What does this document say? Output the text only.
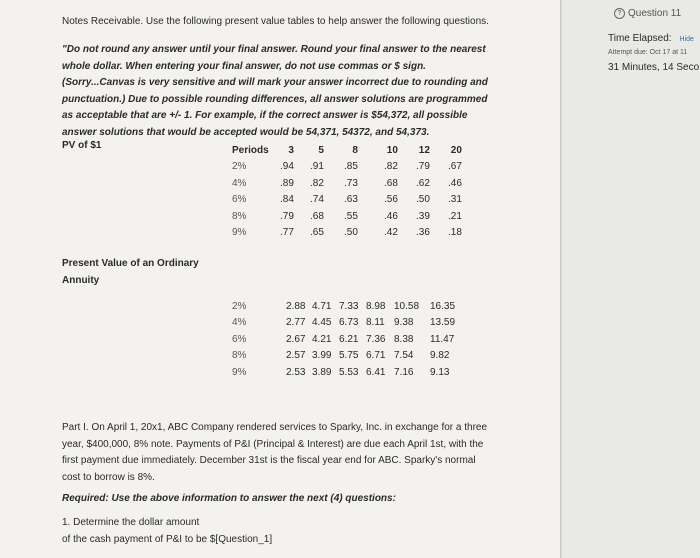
Notes Receivable. Use the following present value tables to help answer the following questions.
"Do not round any answer until your final answer. Round your final answer to the nearest
whole dollar. When entering your final answer, do not use commas or $ sign.
(Sorry...Canvas is very sensitive and will mark your answer incorrect due to rounding and
punctuation.) Due to possible rounding differences, all answer solutions are programmed
as acceptable that are +/- 1. For example, if the correct answer is $54,372, all possible
answer solutions that would be accepted would be 54,371, 54372, and 54,373.
PV of $1	Periods	3	5	8	10	12	20
2%	.94	.91	.85	.82	.79	.67
4%	.89	.82	.73	.68	.62	.46
6%	.84	.74	.63	.56	.50	.31
8%	.79	.68	.55	.46	.39	.21
9%	.77	.65	.50	.42	.36	.18
Present Value of an Ordinary
Annuity
2%	2.88	4.71	7.33	8.98	10.58	16.35
4%	2.77	4.45	6.73	8.11	9.38	13.59
6%	2.67	4.21	6.21	7.36	8.38	11.47
8%	2.57	3.99	5.75	6.71	7.54	9.82
9%	2.53	3.89	5.53	6.41	7.16	9.13
Part I. On April 1, 20x1, ABC Company rendered services to Sparky, Inc. in exchange for a three
year, $400,000, 8% note. Payments of P&I (Principal & Interest) are due each April 1st, with the
first payment due immediately. December 31st is the fiscal year end for ABC. Sparky's normal
cost to borrow is 8%.
Required: Use the above information to answer the next (4) questions:
1. Determine the dollar amount
of the cash payment of P&I to be $[Question_1]
? Question 11
Time Elapsed: Hide
Attempt due: Oct 17 at 11
31 Minutes, 14 Seco
